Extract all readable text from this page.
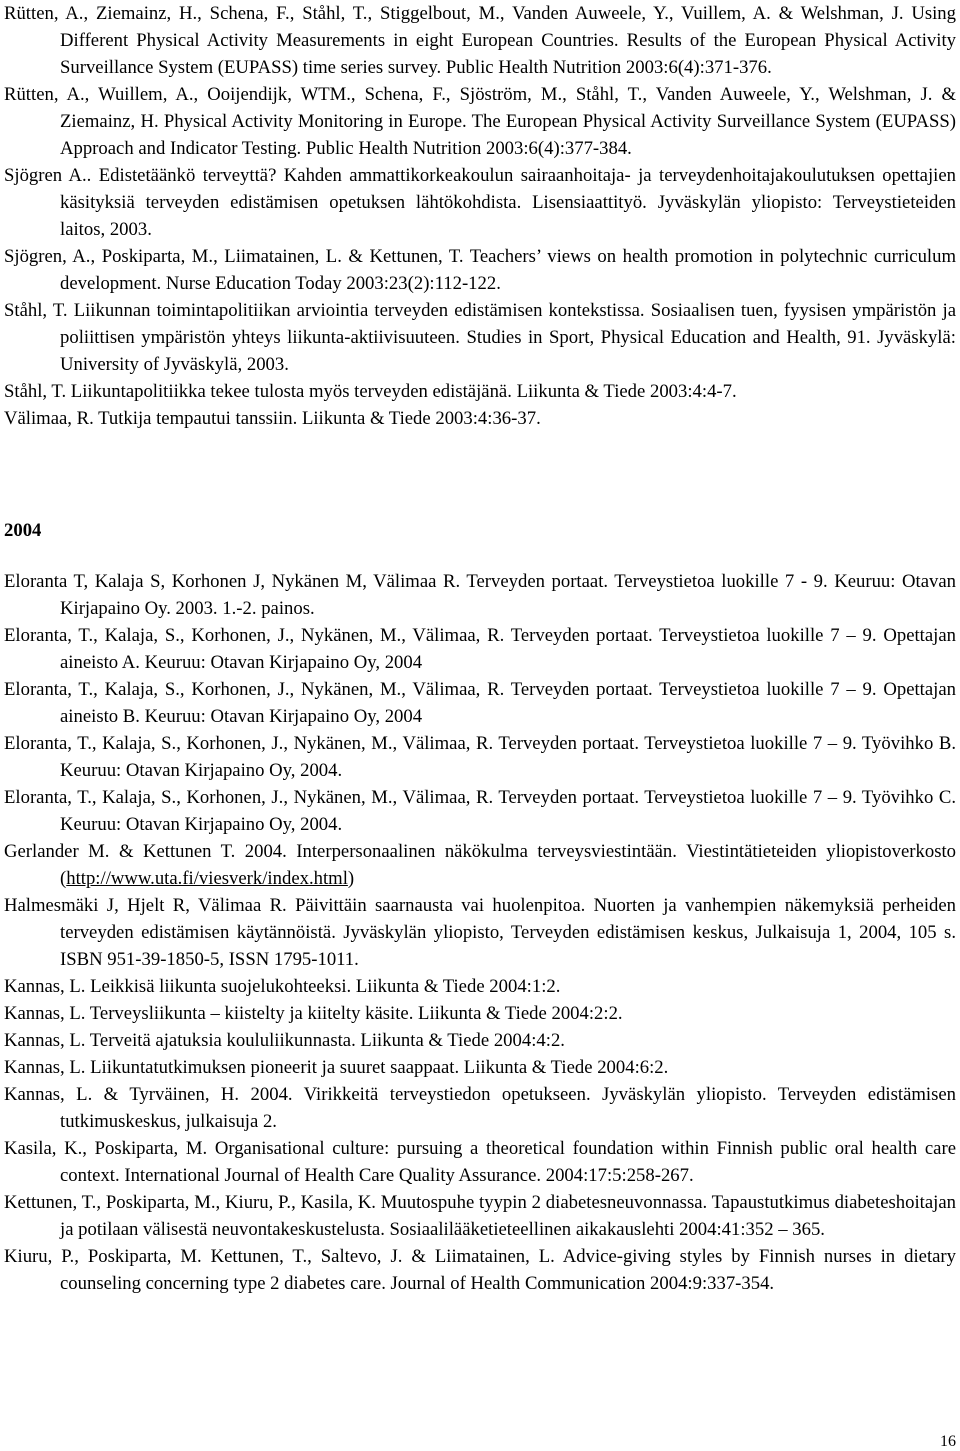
Rütten, A., Ziemainz, H., Schena, F., Ståhl, T., Stiggelbout, M., Vanden Auweele, Y., Vuillem, A. & Welshman, J. Using Different Physical Activity Measurements in eight European Countries. Results of the European Physical Activity Surveillance System (EUPASS) time series survey. Public Health Nutrition 2003:6(4):371-376.

Rütten, A., Wuillem, A., Ooijendijk, WTM., Schena, F., Sjöström, M., Ståhl, T., Vanden Auweele, Y., Welshman, J. & Ziemainz, H. Physical Activity Monitoring in Europe. The European Physical Activity Surveillance System (EUPASS) Approach and Indicator Testing. Public Health Nutrition 2003:6(4):377-384.

Sjögren A.. Edistetäänkö terveyttä? Kahden ammattikorkeakoulun sairaanhoitaja- ja terveydenhoitajakoulutuksen opettajien käsityksiä terveyden edistämisen opetuksen lähtökohdista. Lisensiaattityö. Jyväskylän yliopisto: Terveystieteiden laitos, 2003.

Sjögren, A., Poskiparta, M., Liimatainen, L. & Kettunen, T. Teachers’ views on health promotion in polytechnic curriculum development. Nurse Education Today 2003:23(2):112-122.

Ståhl, T. Liikunnan toimintapolitiikan arviointia terveyden edistämisen kontekstissa. Sosiaalisen tuen, fyysisen ympäristön ja poliittisen ympäristön yhteys liikunta-aktiivisuuteen. Studies in Sport, Physical Education and Health, 91. Jyväskylä: University of Jyväskylä, 2003.

Ståhl, T. Liikuntapolitiikka tekee tulosta myös terveyden edistäjänä. Liikunta & Tiede 2003:4:4-7.

Välimaa, R. Tutkija tempautui tanssiin. Liikunta & Tiede 2003:4:36-37.

2004

Eloranta T, Kalaja S, Korhonen J, Nykänen M, Välimaa R. Terveyden portaat. Terveystietoa luokille 7 - 9. Keuruu: Otavan Kirjapaino Oy. 2003. 1.-2. painos.

Eloranta, T., Kalaja, S., Korhonen, J., Nykänen, M., Välimaa, R. Terveyden portaat. Terveystietoa luokille 7 – 9. Opettajan aineisto A. Keuruu: Otavan Kirjapaino Oy, 2004

Eloranta, T., Kalaja, S., Korhonen, J., Nykänen, M., Välimaa, R. Terveyden portaat. Terveystietoa luokille 7 – 9. Opettajan aineisto B. Keuruu: Otavan Kirjapaino Oy, 2004

Eloranta, T., Kalaja, S., Korhonen, J., Nykänen, M., Välimaa, R. Terveyden portaat. Terveystietoa luokille 7 – 9. Työvihko B. Keuruu: Otavan Kirjapaino Oy, 2004.

Eloranta, T., Kalaja, S., Korhonen, J., Nykänen, M., Välimaa, R. Terveyden portaat. Terveystietoa luokille 7 – 9. Työvihko C. Keuruu: Otavan Kirjapaino Oy, 2004.

Gerlander M. & Kettunen T. 2004. Interpersonaalinen näkökulma terveysviestintään. Viestintätieteiden yliopistoverkosto (http://www.uta.fi/viesverk/index.html)

Halmesmäki J, Hjelt R, Välimaa R. Päivittäin saarnausta vai huolenpitoa. Nuorten ja vanhempien näkemyksiä perheiden terveyden edistämisen käytännöistä. Jyväskylän yliopisto, Terveyden edistämisen keskus, Julkaisuja 1, 2004, 105 s. ISBN 951-39-1850-5, ISSN 1795-1011.

Kannas, L. Leikkisä liikunta suojelukohteeksi. Liikunta & Tiede 2004:1:2.

Kannas, L. Terveysliikunta – kiistelty ja kiitelty käsite. Liikunta & Tiede 2004:2:2.

Kannas, L. Terveitä ajatuksia koululiikunnasta. Liikunta & Tiede 2004:4:2.

Kannas, L. Liikuntatutkimuksen pioneerit ja suuret saappaat. Liikunta & Tiede 2004:6:2.

Kannas, L. & Tyrväinen, H. 2004. Virikkeitä terveystiedon opetukseen. Jyväskylän yliopisto. Terveyden edistämisen tutkimuskeskus, julkaisuja 2.

Kasila, K., Poskiparta, M. Organisational culture: pursuing a theoretical foundation within Finnish public oral health care context. International Journal of Health Care Quality Assurance. 2004:17:5:258-267.

Kettunen, T., Poskiparta, M., Kiuru, P., Kasila, K. Muutospuhe tyypin 2 diabetesneuvonnassa. Tapaustutkimus diabeteshoitajan ja potilaan välisestä neuvontakeskustelusta. Sosiaalilääketieteellinen aikakauslehti 2004:41:352 – 365.

Kiuru, P., Poskiparta, M. Kettunen, T., Saltevo, J. & Liimatainen, L. Advice-giving styles by Finnish nurses in dietary counseling concerning type 2 diabetes care. Journal of Health Communication 2004:9:337-354.

16
